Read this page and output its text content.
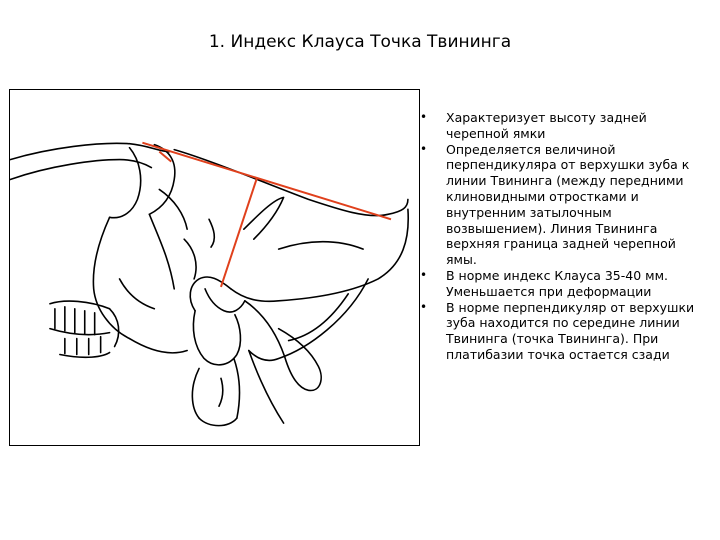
1. Индекс Клауса Точка Твининга
• Характеризует высоту задней черепной ямки
• Определяется величиной перпендикуляра от верхушки зуба к линии Твининга (между передними клиновидными отростками и внутренним затылочным возвышением). Линия Твининга верхняя граница задней черепной ямы.
• В норме индекс Клауса 35-40 мм. Уменьшается при деформации
• В норме перпендикуляр от верхушки зуба находится по середине линии Твининга (точка Твининга). При платибазии точка остается сзади
